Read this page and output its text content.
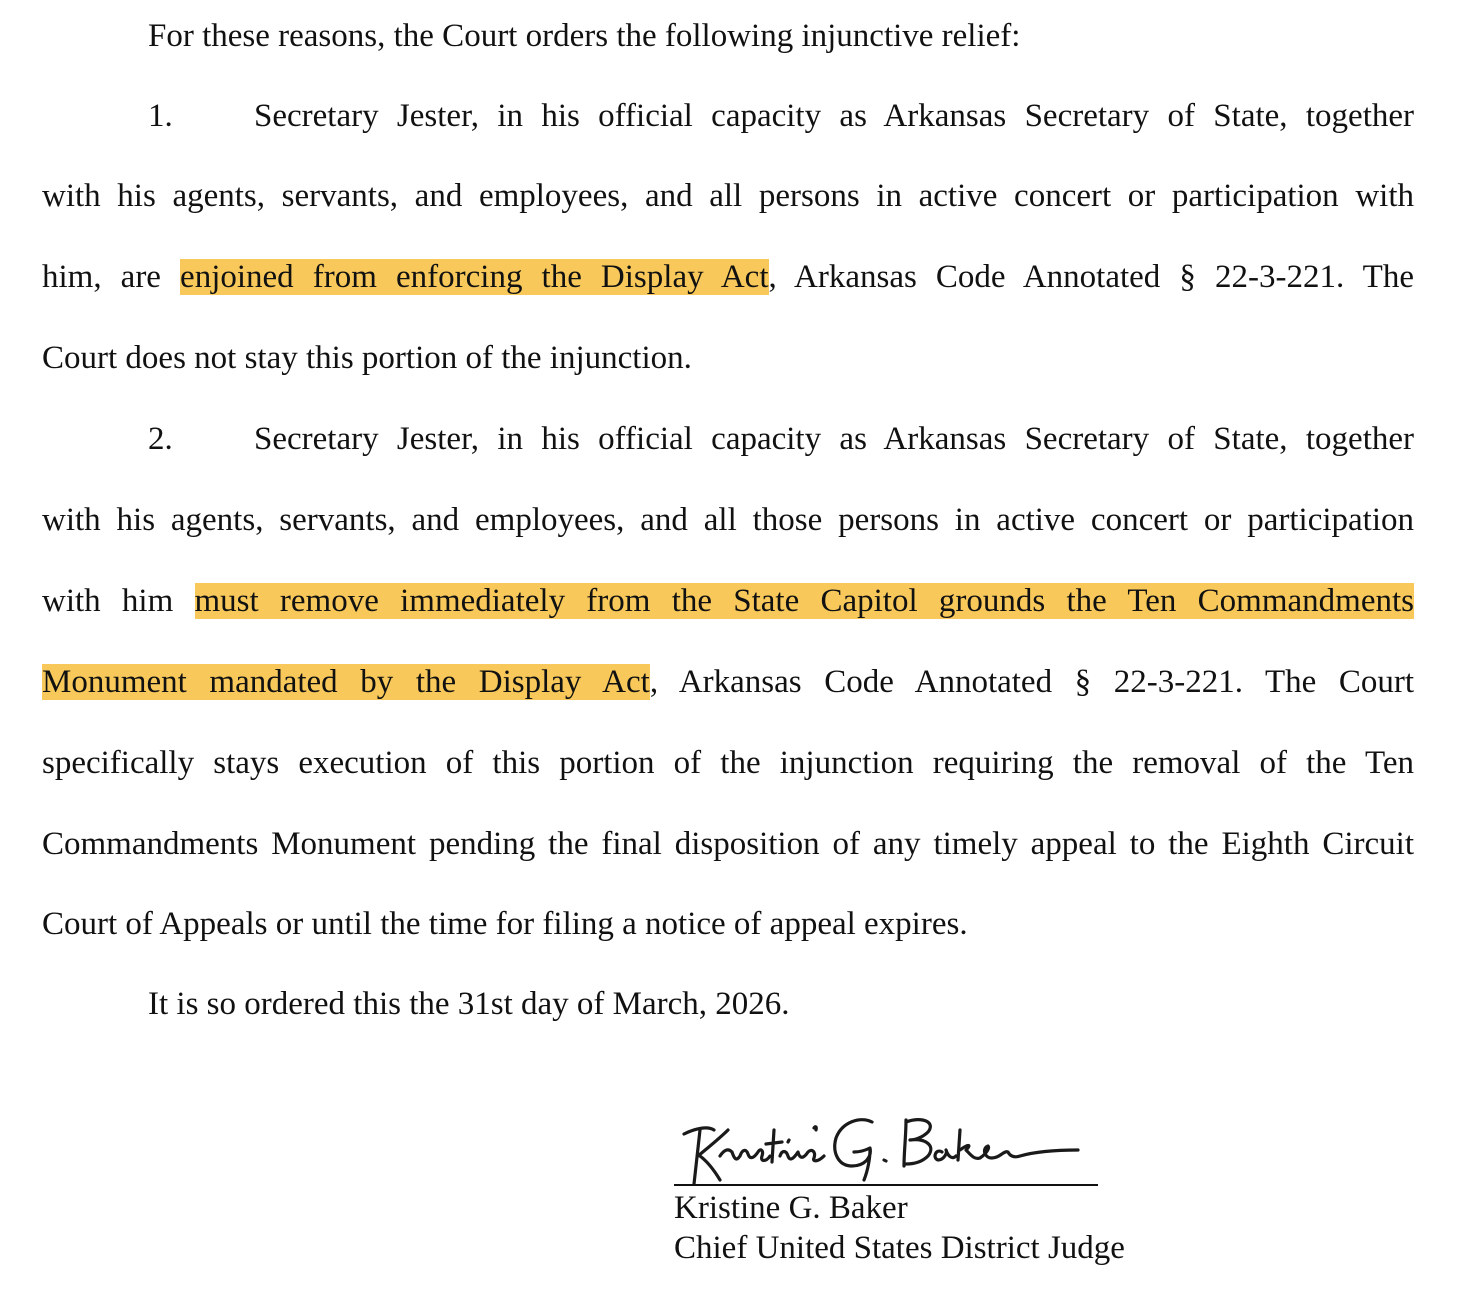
For these reasons, the Court orders the following injunctive relief:
1. Secretary Jester, in his official capacity as Arkansas Secretary of State, together
with his agents, servants, and employees, and all persons in active concert or participation with
him, are enjoined from enforcing the Display Act, Arkansas Code Annotated § 22-3-221. The
Court does not stay this portion of the injunction.
2. Secretary Jester, in his official capacity as Arkansas Secretary of State, together
with his agents, servants, and employees, and all those persons in active concert or participation
with him must remove immediately from the State Capitol grounds the Ten Commandments
Monument mandated by the Display Act, Arkansas Code Annotated § 22-3-221. The Court
specifically stays execution of this portion of the injunction requiring the removal of the Ten
Commandments Monument pending the final disposition of any timely appeal to the Eighth Circuit
Court of Appeals or until the time for filing a notice of appeal expires.
It is so ordered this the 31st day of March, 2026.
Kristine G. Baker
Chief United States District Judge
